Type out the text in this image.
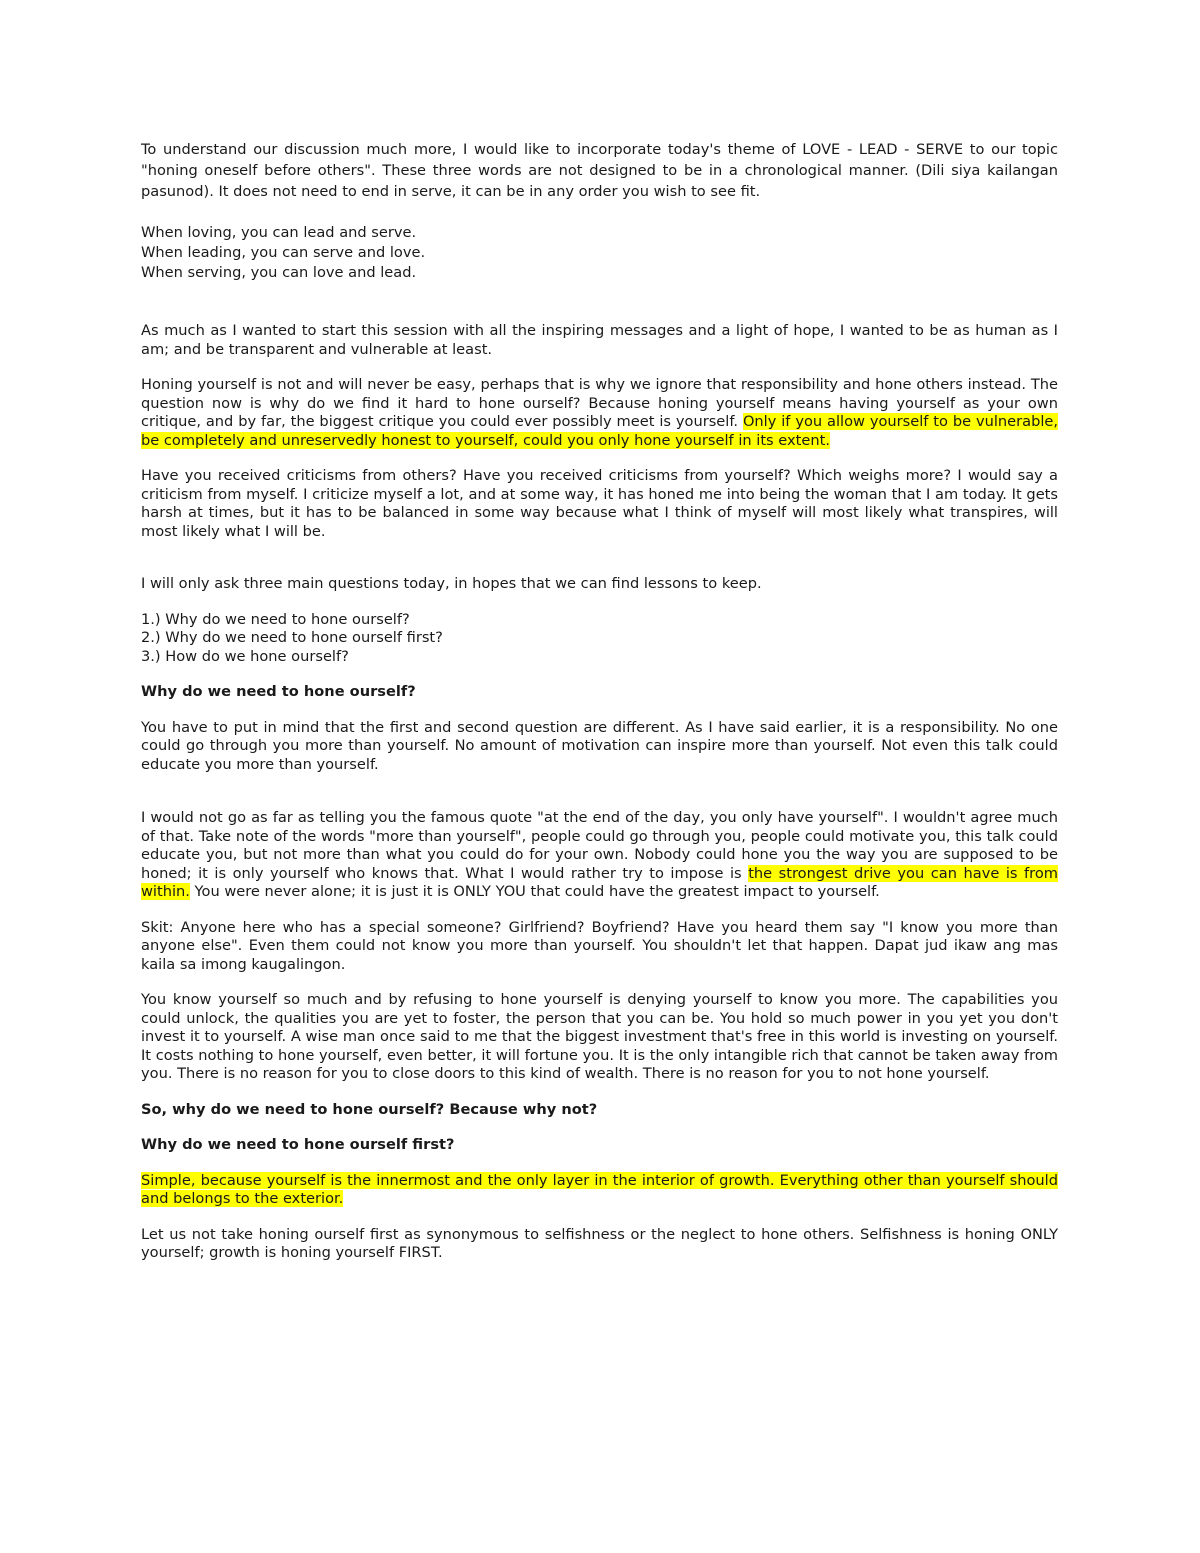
To understand our discussion much more, I would like to incorporate today's theme of LOVE - LEAD - SERVE to our topic "honing oneself before others". These three words are not designed to be in a chronological manner. (Dili siya kailangan pasunod). It does not need to end in serve, it can be in any order you wish to see fit.

When loving, you can lead and serve.
When leading, you can serve and love.
When serving, you can love and lead.

As much as I wanted to start this session with all the inspiring messages and a light of hope, I wanted to be as human as I am; and be transparent and vulnerable at least.

Honing yourself is not and will never be easy, perhaps that is why we ignore that responsibility and hone others instead. The question now is why do we find it hard to hone ourself? Because honing yourself means having yourself as your own critique, and by far, the biggest critique you could ever possibly meet is yourself. Only if you allow yourself to be vulnerable, be completely and unreservedly honest to yourself, could you only hone yourself in its extent.

Have you received criticisms from others? Have you received criticisms from yourself? Which weighs more? I would say a criticism from myself. I criticize myself a lot, and at some way, it has honed me into being the woman that I am today. It gets harsh at times, but it has to be balanced in some way because what I think of myself will most likely what transpires, will most likely what I will be.

I will only ask three main questions today, in hopes that we can find lessons to keep.

1.) Why do we need to hone ourself?
2.) Why do we need to hone ourself first?
3.) How do we hone ourself?

Why do we need to hone ourself?

You have to put in mind that the first and second question are different. As I have said earlier, it is a responsibility. No one could go through you more than yourself. No amount of motivation can inspire more than yourself. Not even this talk could educate you more than yourself.

I would not go as far as telling you the famous quote "at the end of the day, you only have yourself". I wouldn't agree much of that. Take note of the words "more than yourself", people could go through you, people could motivate you, this talk could educate you, but not more than what you could do for your own. Nobody could hone you the way you are supposed to be honed; it is only yourself who knows that. What I would rather try to impose is the strongest drive you can have is from within. You were never alone; it is just it is ONLY YOU that could have the greatest impact to yourself.

Skit: Anyone here who has a special someone? Girlfriend? Boyfriend? Have you heard them say "I know you more than anyone else". Even them could not know you more than yourself. You shouldn't let that happen. Dapat jud ikaw ang mas kaila sa imong kaugalingon.

You know yourself so much and by refusing to hone yourself is denying yourself to know you more. The capabilities you could unlock, the qualities you are yet to foster, the person that you can be. You hold so much power in you yet you don't invest it to yourself. A wise man once said to me that the biggest investment that's free in this world is investing on yourself. It costs nothing to hone yourself, even better, it will fortune you. It is the only intangible rich that cannot be taken away from you. There is no reason for you to close doors to this kind of wealth. There is no reason for you to not hone yourself.

So, why do we need to hone ourself? Because why not?

Why do we need to hone ourself first?

Simple, because yourself is the innermost and the only layer in the interior of growth. Everything other than yourself should and belongs to the exterior.

Let us not take honing ourself first as synonymous to selfishness or the neglect to hone others. Selfishness is honing ONLY yourself; growth is honing yourself FIRST.
